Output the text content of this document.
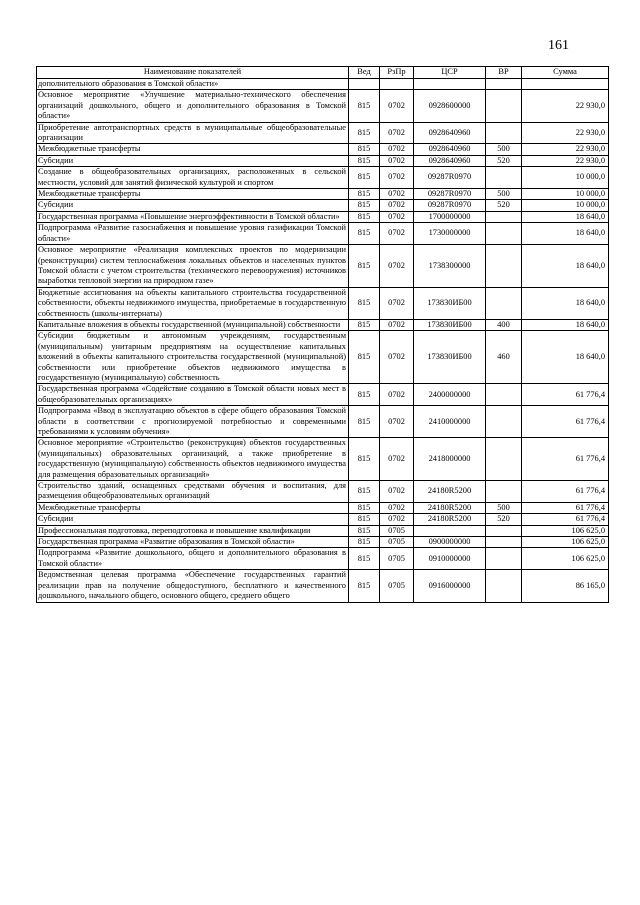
161
Наименование показателей	Вед	РзПр	ЦСР	ВР	Сумма
дополнительного образования в Томской области»					
Основное мероприятие «Улучшение материально-технического обеспечения организаций дошкольного, общего и дополнительного образования в Томской области»	815	0702	0928600000		22 930,0
Приобретение автотранспортных средств в муниципальные общеобразовательные организации	815	0702	0928640960		22 930,0
Межбюджетные трансферты	815	0702	0928640960	500	22 930,0
Субсидии	815	0702	0928640960	520	22 930,0
Создание в общеобразовательных организациях, расположенных в сельской местности, условий для занятий физической культурой и спортом	815	0702	09287R0970		10 000,0
Межбюджетные трансферты	815	0702	09287R0970	500	10 000,0
Субсидии	815	0702	09287R0970	520	10 000,0
Государственная программа «Повышение энергоэффективности в Томской области»	815	0702	1700000000		18 640,0
Подпрограмма «Развитие газоснабжения и повышение уровня газификации Томской области»	815	0702	1730000000		18 640,0
Основное мероприятие «Реализация комплексных проектов по модернизации (реконструкции) систем теплоснабжения локальных объектов и населенных пунктов Томской области с учетом строительства (технического перевооружения) источников выработки тепловой энергии на природном газе»	815	0702	1738300000		18 640,0
Бюджетные ассигнования на объекты капитального строительства государственной собственности, объекты недвижимого имущества, приобретаемые в государственную собственность (школы-интернаты)	815	0702	173830ИБ00		18 640,0
Капитальные вложения в объекты государственной (муниципальной) собственности	815	0702	173830ИБ00	400	18 640,0
Субсидии бюджетным и автономным учреждениям, государственным (муниципальным) унитарным предприятиям на осуществление капитальных вложений в объекты капитального строительства государственной (муниципальной) собственности или приобретение объектов недвижимого имущества в государственную (муниципальную) собственность	815	0702	173830ИБ00	460	18 640,0
Государственная программа «Содействие созданию в Томской области новых мест в общеобразовательных организациях»	815	0702	2400000000		61 776,4
Подпрограмма «Ввод в эксплуатацию объектов в сфере общего образования Томской области в соответствии с прогнозируемой потребностью и современными требованиями к условиям обучения»	815	0702	2410000000		61 776,4
Основное мероприятие «Строительство (реконструкция) объектов государственных (муниципальных) образовательных организаций, а также приобретение в государственную (муниципальную) собственность объектов недвижимого имущества для размещения образовательных организаций»	815	0702	2418000000		61 776,4
Строительство зданий, оснащенных средствами обучения и воспитания, для размещения общеобразовательных организаций	815	0702	24180R5200		61 776,4
Межбюджетные трансферты	815	0702	24180R5200	500	61 776,4
Субсидии	815	0702	24180R5200	520	61 776,4
Профессиональная подготовка, переподготовка и повышение квалификации	815	0705			106 625,0
Государственная программа «Развитие образования в Томской области»	815	0705	0900000000		106 625,0
Подпрограмма «Развитие дошкольного, общего и дополнительного образования в Томской области»	815	0705	0910000000		106 625,0
Ведомственная целевая программа «Обеспечение государственных гарантий реализации прав на получение общедоступного, бесплатного и качественного дошкольного, начального общего, основного общего, среднего общего	815	0705	0916000000		86 165,0
